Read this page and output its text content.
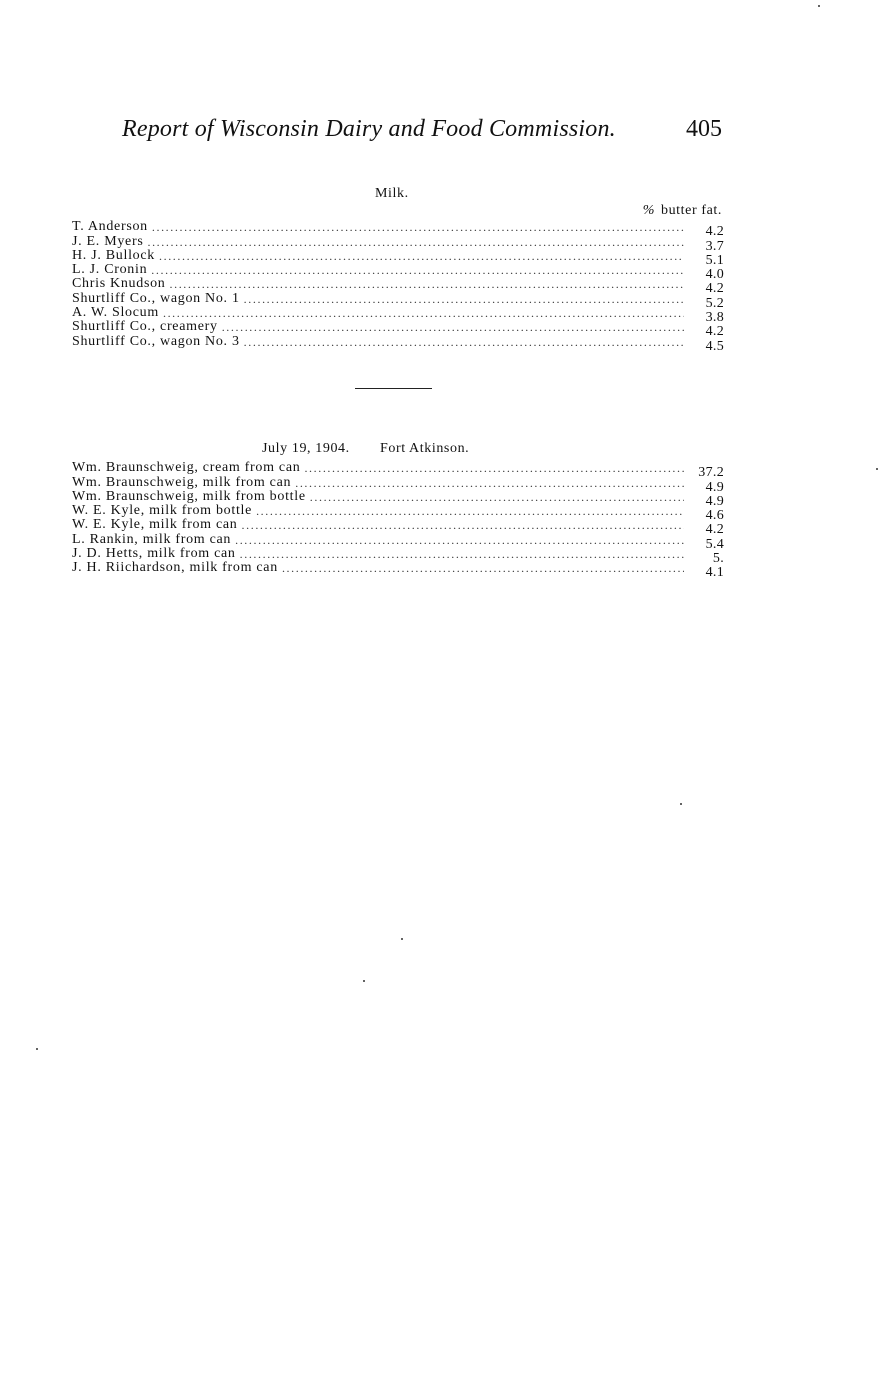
Report of Wisconsin Dairy and Food Commission.	405
Milk.
% butter fat.
T. Anderson .....	4.2
J. E. Myers .....	3.7
H. J. Bullock .....	5.1
L. J. Cronin .....	4.0
Chris Knudson .....	4.2
Shurtliff Co., wagon No. 1 .....	5.2
A. W. Slocum .....	3.8
Shurtliff Co., creamery .....	4.2
Shurtliff Co., wagon No. 3 .....	4.5
July 19, 1904. Fort Atkinson.
Wm. Braunschweig, cream from can .....	37.2
Wm. Braunschweig, milk from can .....	4.9
Wm. Braunschweig, milk from bottle .....	4.9
W. E. Kyle, milk from bottle .....	4.6
W. E. Kyle, milk from can .....	4.2
L. Rankin, milk from can .....	5.4
J. D. Hetts, milk from can .....	5.
J. H. Riichardson, milk from can .....	4.1
